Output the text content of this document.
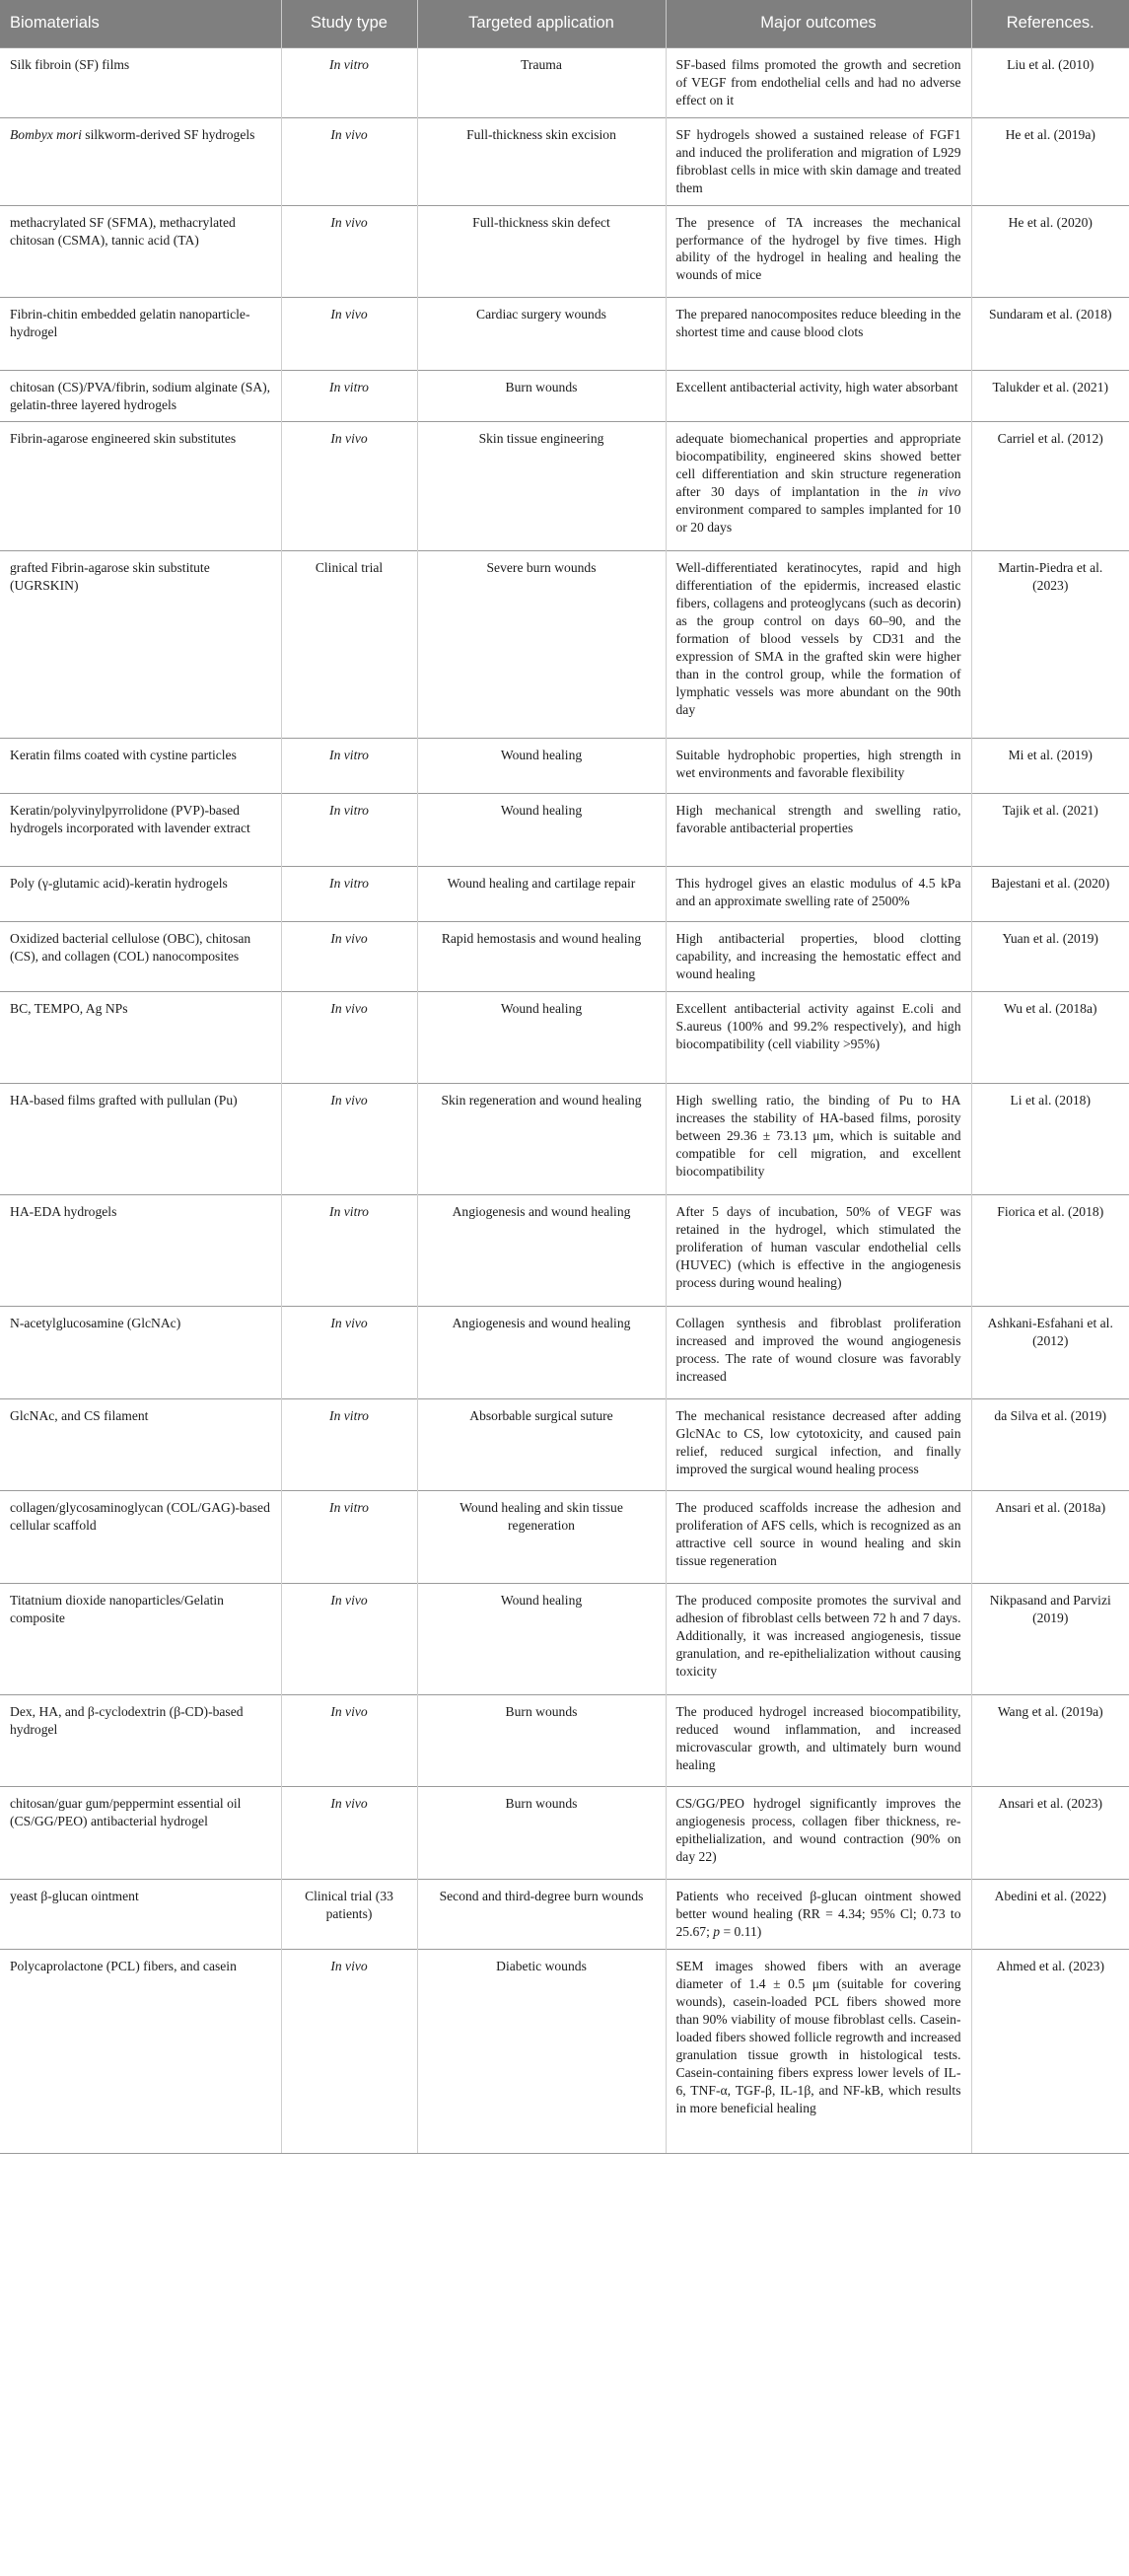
Biomaterials	Study type	Targeted application	Major outcomes	References.
Silk fibroin (SF) films	In vitro	Trauma	SF-based films promoted the growth and secretion of VEGF from endothelial cells and had no adverse effect on it	Liu et al. (2010)
Bombyx mori silkworm-derived SF hydrogels	In vivo	Full-thickness skin excision	SF hydrogels showed a sustained release of FGF1 and induced the proliferation and migration of L929 fibroblast cells in mice with skin damage and treated them	He et al. (2019a)
methacrylated SF (SFMA), methacrylated chitosan (CSMA), tannic acid (TA)	In vivo	Full-thickness skin defect	The presence of TA increases the mechanical performance of the hydrogel by five times. High ability of the hydrogel in healing and healing the wounds of mice	He et al. (2020)
Fibrin-chitin embedded gelatin nanoparticle- hydrogel	In vivo	Cardiac surgery wounds	The prepared nanocomposites reduce bleeding in the shortest time and cause blood clots	Sundaram et al. (2018)
chitosan (CS)/PVA/fibrin, sodium alginate (SA), gelatin-three layered hydrogels	In vitro	Burn wounds	Excellent antibacterial activity, high water absorbant	Talukder et al. (2021)
Fibrin-agarose engineered skin substitutes	In vivo	Skin tissue engineering	adequate biomechanical properties and appropriate biocompatibility, engineered skins showed better cell differentiation and skin structure regeneration after 30 days of implantation in the in vivo environment compared to samples implanted for 10 or 20 days	Carriel et al. (2012)
grafted Fibrin-agarose skin substitute (UGRSKIN)	Clinical trial	Severe burn wounds	Well-differentiated keratinocytes, rapid and high differentiation of the epidermis, increased elastic fibers, collagens and proteoglycans (such as decorin) as the group control on days 60–90, and the formation of blood vessels by CD31 and the expression of SMA in the grafted skin were higher than in the control group, while the formation of lymphatic vessels was more abundant on the 90th day	Martin-Piedra et al. (2023)
Keratin films coated with cystine particles	In vitro	Wound healing	Suitable hydrophobic properties, high strength in wet environments and favorable flexibility	Mi et al. (2019)
Keratin/polyvinylpyrrolidone (PVP)-based hydrogels incorporated with lavender extract	In vitro	Wound healing	High mechanical strength and swelling ratio, favorable antibacterial properties	Tajik et al. (2021)
Poly (γ-glutamic acid)-keratin hydrogels	In vitro	Wound healing and cartilage repair	This hydrogel gives an elastic modulus of 4.5 kPa and an approximate swelling rate of 2500%	Bajestani et al. (2020)
Oxidized bacterial cellulose (OBC), chitosan (CS), and collagen (COL) nanocomposites	In vivo	Rapid hemostasis and wound healing	High antibacterial properties, blood clotting capability, and increasing the hemostatic effect and wound healing	Yuan et al. (2019)
BC, TEMPO, Ag NPs	In vivo	Wound healing	Excellent antibacterial activity against E.coli and S.aureus (100% and 99.2% respectively), and high biocompatibility (cell viability >95%)	Wu et al. (2018a)
HA-based films grafted with pullulan (Pu)	In vivo	Skin regeneration and wound healing	High swelling ratio, the binding of Pu to HA increases the stability of HA-based films, porosity between 29.36 ± 73.13 μm, which is suitable and compatible for cell migration, and excellent biocompatibility	Li et al. (2018)
HA-EDA hydrogels	In vitro	Angiogenesis and wound healing	After 5 days of incubation, 50% of VEGF was retained in the hydrogel, which stimulated the proliferation of human vascular endothelial cells (HUVEC) (which is effective in the angiogenesis process during wound healing)	Fiorica et al. (2018)
N-acetylglucosamine (GlcNAc)	In vivo	Angiogenesis and wound healing	Collagen synthesis and fibroblast proliferation increased and improved the wound angiogenesis process. The rate of wound closure was favorably increased	Ashkani-Esfahani et al. (2012)
GlcNAc, and CS filament	In vitro	Absorbable surgical suture	The mechanical resistance decreased after adding GlcNAc to CS, low cytotoxicity, and caused pain relief, reduced surgical infection, and finally improved the surgical wound healing process	da Silva et al. (2019)
collagen/glycosaminoglycan (COL/GAG)-based cellular scaffold	In vitro	Wound healing and skin tissue regeneration	The produced scaffolds increase the adhesion and proliferation of AFS cells, which is recognized as an attractive cell source in wound healing and skin tissue regeneration	Ansari et al. (2018a)
Titatnium dioxide nanoparticles/Gelatin composite	In vivo	Wound healing	The produced composite promotes the survival and adhesion of fibroblast cells between 72 h and 7 days. Additionally, it was increased angiogenesis, tissue granulation, and re-epithelialization without causing toxicity	Nikpasand and Parvizi (2019)
Dex, HA, and β-cyclodextrin (β-CD)-based hydrogel	In vivo	Burn wounds	The produced hydrogel increased biocompatibility, reduced wound inflammation, and increased microvascular growth, and ultimately burn wound healing	Wang et al. (2019a)
chitosan/guar gum/peppermint essential oil (CS/GG/PEO) antibacterial hydrogel	In vivo	Burn wounds	CS/GG/PEO hydrogel significantly improves the angiogenesis process, collagen fiber thickness, re-epithelialization, and wound contraction (90% on day 22)	Ansari et al. (2023)
yeast β-glucan ointment	Clinical trial (33 patients)	Second and third-degree burn wounds	Patients who received β-glucan ointment showed better wound healing (RR = 4.34; 95% Cl; 0.73 to 25.67; p = 0.11)	Abedini et al. (2022)
Polycaprolactone (PCL) fibers, and casein	In vivo	Diabetic wounds	SEM images showed fibers with an average diameter of 1.4 ± 0.5 μm (suitable for covering wounds), casein-loaded PCL fibers showed more than 90% viability of mouse fibroblast cells. Casein-loaded fibers showed follicle regrowth and increased granulation tissue growth in histological tests. Casein-containing fibers express lower levels of IL-6, TNF-α, TGF-β, IL-1β, and NF-kB, which results in more beneficial healing	Ahmed et al. (2023)
